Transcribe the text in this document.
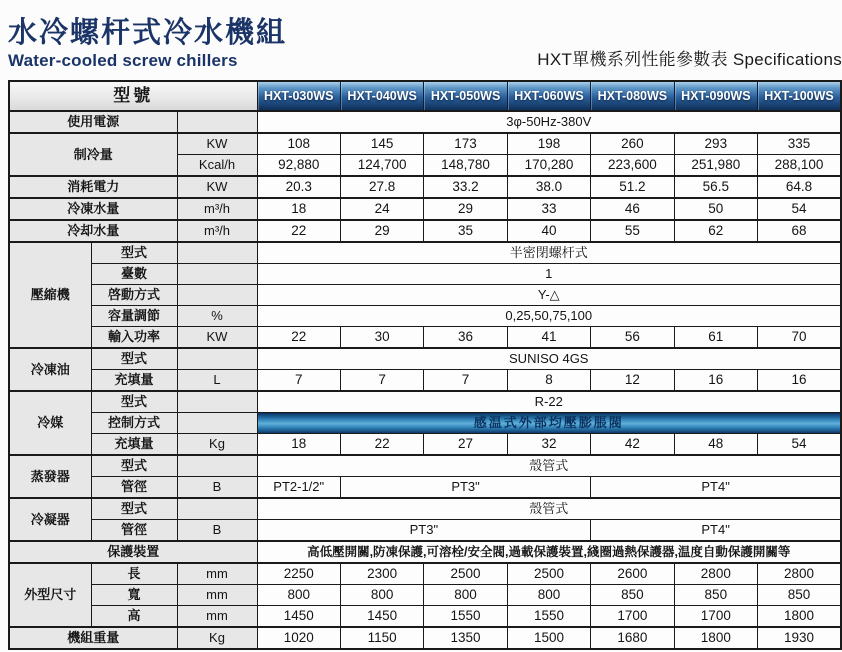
水冷螺杆式冷水機組
Water-cooled screw chillers	HXT單機系列性能參數表 Specifications
型號			HXT-030WS	HXT-040WS	HXT-050WS	HXT-060WS	HXT-080WS	HXT-090WS	HXT-100WS
使用電源			3φ-50Hz-380V						
制冷量		KW	108	145	173	198	260	293	335
		Kcal/h	92,880	124,700	148,780	170,280	223,600	251,980	288,100
消耗電力		KW	20.3	27.8	33.2	38.0	51.2	56.5	64.8
冷凍水量		m³/h	18	24	29	33	46	50	54
冷却水量		m³/h	22	29	35	40	55	62	68
壓縮機	型式		半密閉螺杆式						
	臺數		1						
	啓動方式		Y-△						
	容量調節	%	0,25,50,75,100						
	輸入功率	KW	22	30	36	41	56	61	70
冷凍油	型式		SUNISO 4GS						
	充填量	L	7	7	7	8	12	16	16
冷媒	型式		R-22						
	控制方式		感温式外部均壓膨脹閥						
	充填量	Kg	18	22	27	32	42	48	54
蒸發器	型式		殼管式						
	管徑	B	PT2-1/2"	PT3"			PT4"		
冷凝器	型式		殼管式						
	管徑	B	PT3"				PT4"		
保護裝置			高低壓開關,防凍保護,可溶栓/安全閥,過載保護裝置,綫圈過熱保護器,温度自動保護開關等						
外型尺寸	長	mm	2250	2300	2500	2500	2600	2800	2800
	寬	mm	800	800	800	800	850	850	850
	高	mm	1450	1450	1550	1550	1700	1700	1800
機組重量		Kg	1020	1150	1350	1500	1680	1800	1930
